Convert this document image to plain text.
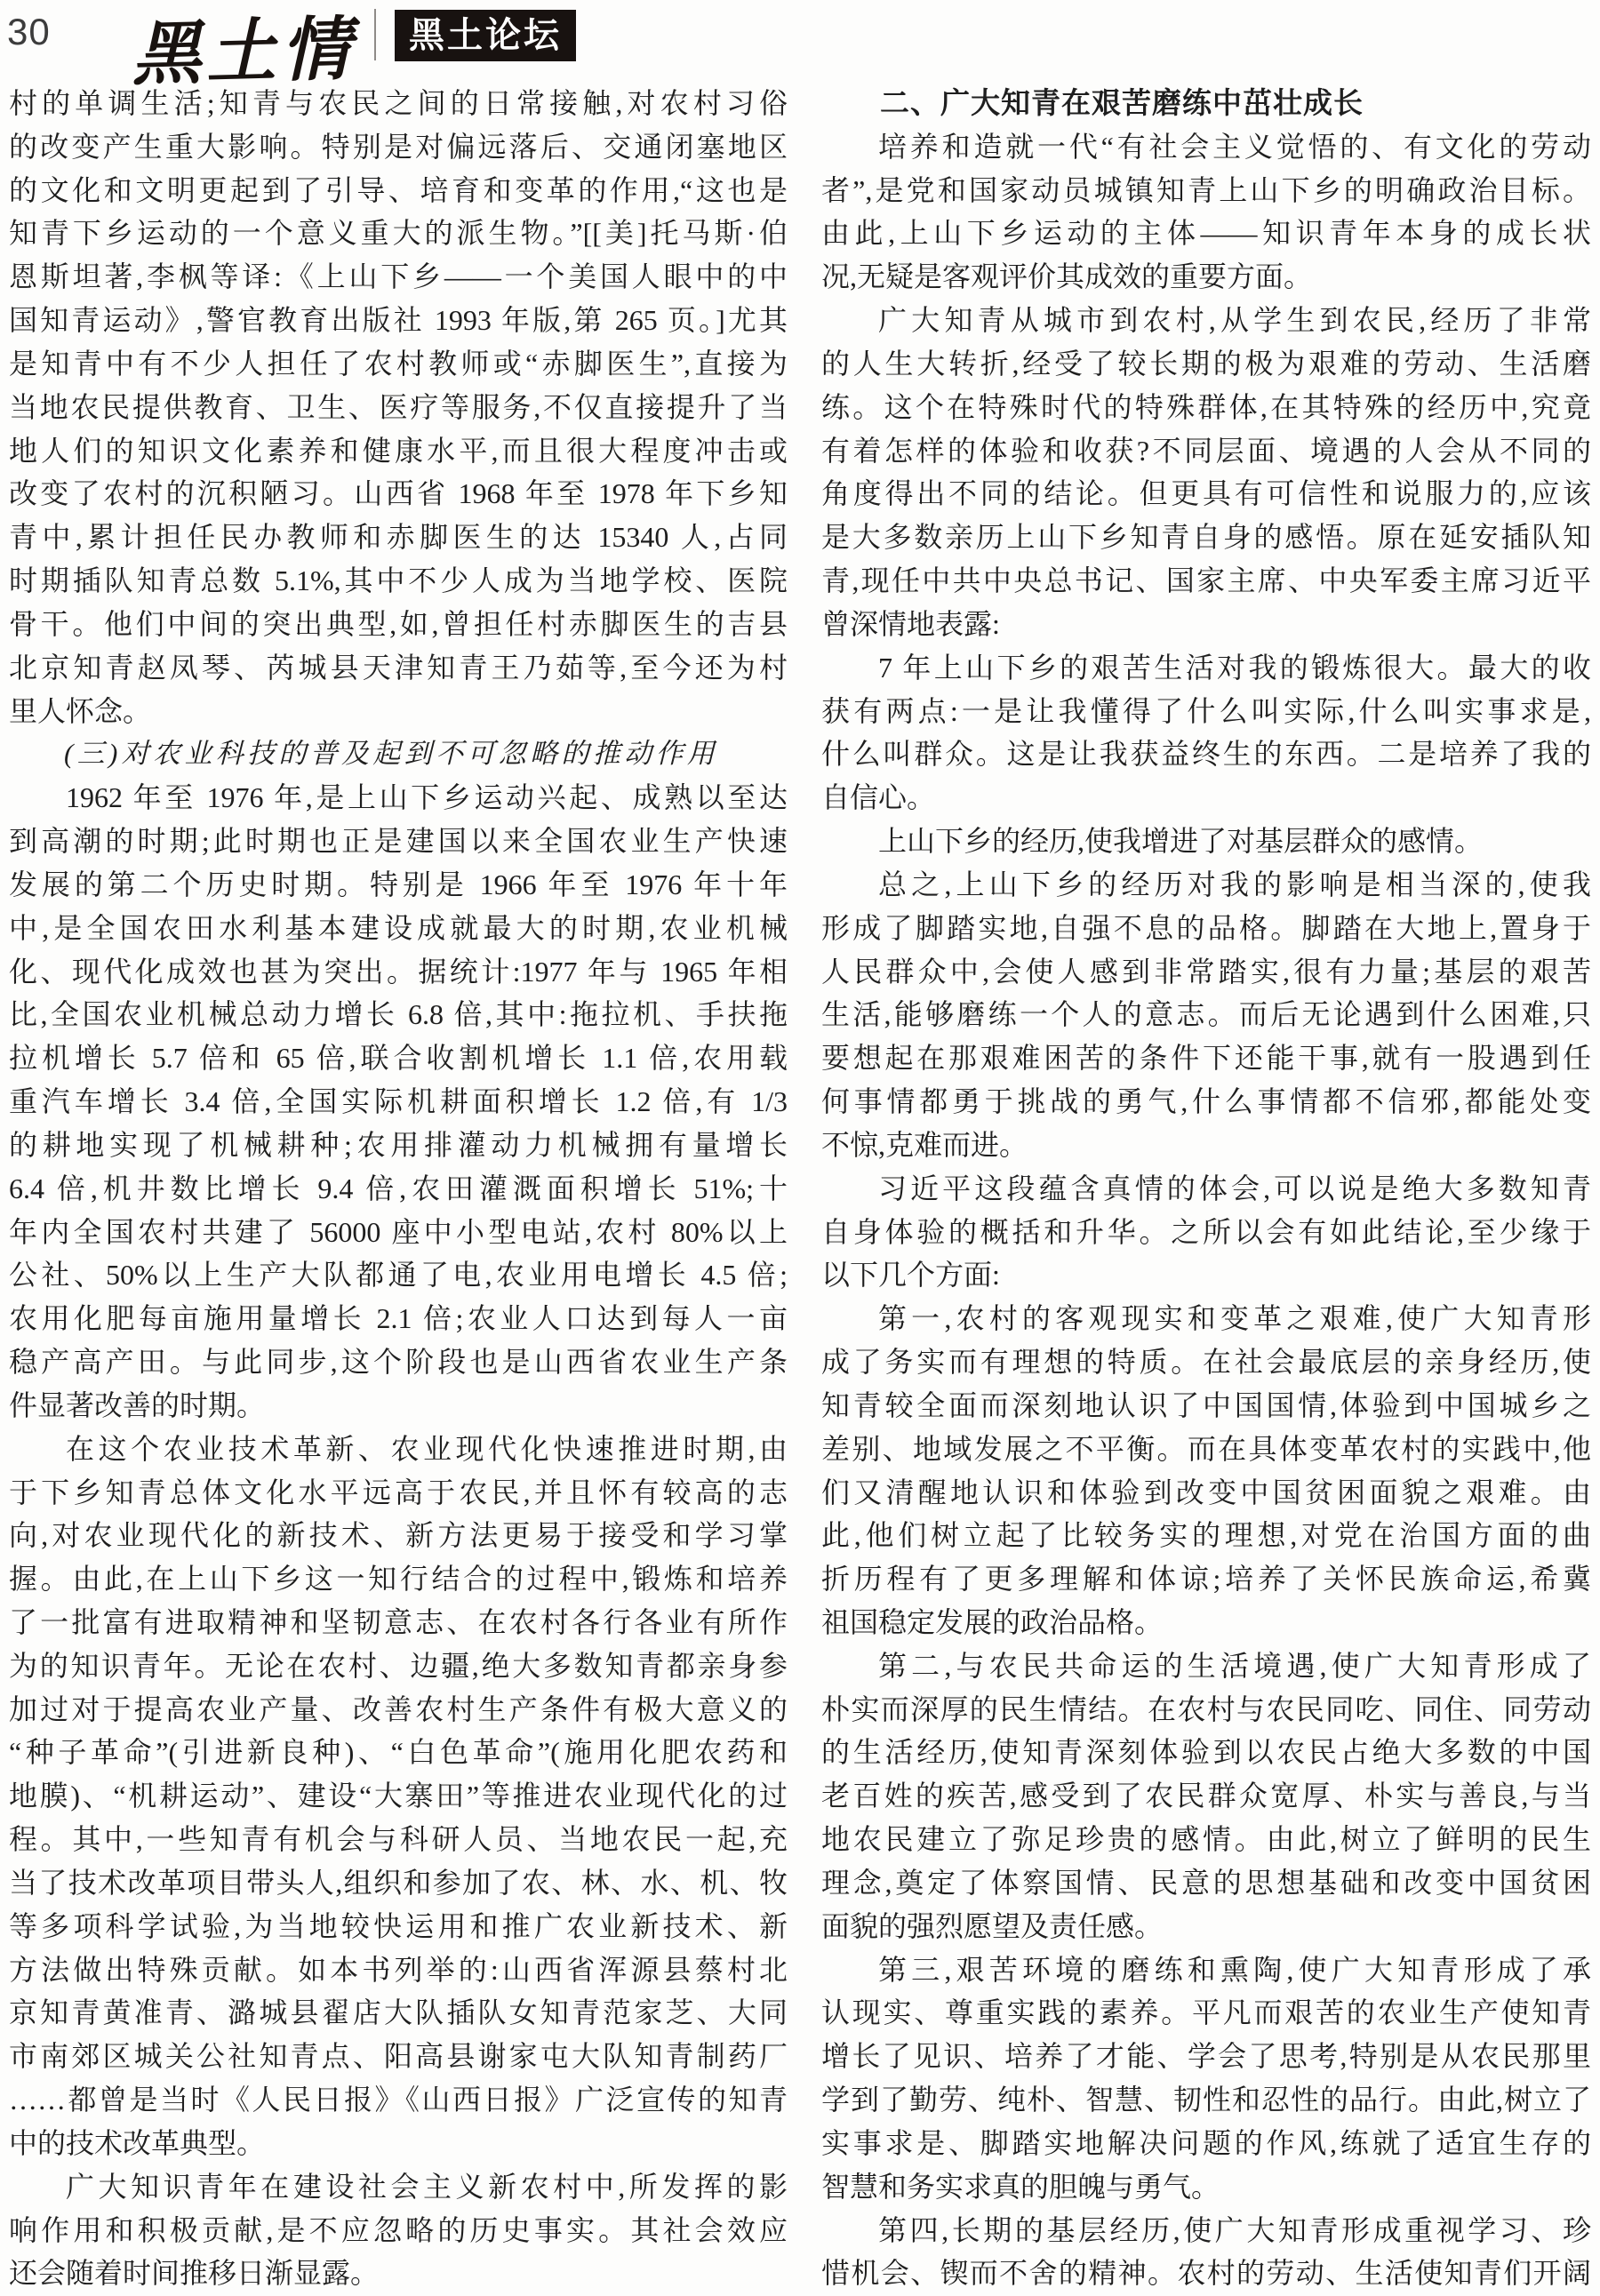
30 黑土情	黑土论坛
村的单调生活;知青与农民之间的日常接触,对农村习俗
的改变产生重大影响。特别是对偏远落后、交通闭塞地区
的文化和文明更起到了引导、培育和变革的作用,“这也是
知青下乡运动的一个意义重大的派生物。”[[美]托马斯·伯
恩斯坦著,李枫等译:《上山下乡——一个美国人眼中的中
国知青运动》,警官教育出版社 1993 年版,第 265 页。]尤其
是知青中有不少人担任了农村教师或“赤脚医生”,直接为
当地农民提供教育、卫生、医疗等服务,不仅直接提升了当
地人们的知识文化素养和健康水平,而且很大程度冲击或
改变了农村的沉积陋习。山西省 1968 年至 1978 年下乡知
青中,累计担任民办教师和赤脚医生的达 15340 人,占同
时期插队知青总数 5.1%,其中不少人成为当地学校、医院
骨干。他们中间的突出典型,如,曾担任村赤脚医生的吉县
北京知青赵凤琴、芮城县天津知青王乃茹等,至今还为村
里人怀念。
(三)对农业科技的普及起到不可忽略的推动作用
1962 年至 1976 年,是上山下乡运动兴起、成熟以至达
到高潮的时期;此时期也正是建国以来全国农业生产快速
发展的第二个历史时期。特别是 1966 年至 1976 年十年
中,是全国农田水利基本建设成就最大的时期,农业机械
化、现代化成效也甚为突出。据统计:1977 年与 1965 年相
比,全国农业机械总动力增长 6.8 倍,其中:拖拉机、手扶拖
拉机增长 5.7 倍和 65 倍,联合收割机增长 1.1 倍,农用载
重汽车增长 3.4 倍,全国实际机耕面积增长 1.2 倍,有 1/3
的耕地实现了机械耕种;农用排灌动力机械拥有量增长
6.4 倍,机井数比增长 9.4 倍,农田灌溉面积增长 51%;十
年内全国农村共建了 56000 座中小型电站,农村 80%以上
公社、50%以上生产大队都通了电,农业用电增长 4.5 倍;
农用化肥每亩施用量增长 2.1 倍;农业人口达到每人一亩
稳产高产田。与此同步,这个阶段也是山西省农业生产条
件显著改善的时期。
在这个农业技术革新、农业现代化快速推进时期,由
于下乡知青总体文化水平远高于农民,并且怀有较高的志
向,对农业现代化的新技术、新方法更易于接受和学习掌
握。由此,在上山下乡这一知行结合的过程中,锻炼和培养
了一批富有进取精神和坚韧意志、在农村各行各业有所作
为的知识青年。无论在农村、边疆,绝大多数知青都亲身参
加过对于提高农业产量、改善农村生产条件有极大意义的
“种子革命”(引进新良种)、“白色革命”(施用化肥农药和
地膜)、“机耕运动”、建设“大寨田”等推进农业现代化的过
程。其中,一些知青有机会与科研人员、当地农民一起,充
当了技术改革项目带头人,组织和参加了农、林、水、机、牧
等多项科学试验,为当地较快运用和推广农业新技术、新
方法做出特殊贡献。如本书列举的:山西省浑源县蔡村北
京知青黄准青、潞城县翟店大队插队女知青范家芝、大同
市南郊区城关公社知青点、阳高县谢家屯大队知青制药厂
……都曾是当时《人民日报》《山西日报》广泛宣传的知青
中的技术改革典型。
广大知识青年在建设社会主义新农村中,所发挥的影
响作用和积极贡献,是不应忽略的历史事实。其社会效应
还会随着时间推移日渐显露。
二、广大知青在艰苦磨练中茁壮成长
培养和造就一代“有社会主义觉悟的、有文化的劳动
者”,是党和国家动员城镇知青上山下乡的明确政治目标。
由此,上山下乡运动的主体——知识青年本身的成长状
况,无疑是客观评价其成效的重要方面。
广大知青从城市到农村,从学生到农民,经历了非常
的人生大转折,经受了较长期的极为艰难的劳动、生活磨
练。这个在特殊时代的特殊群体,在其特殊的经历中,究竟
有着怎样的体验和收获?不同层面、境遇的人会从不同的
角度得出不同的结论。但更具有可信性和说服力的,应该
是大多数亲历上山下乡知青自身的感悟。原在延安插队知
青,现任中共中央总书记、国家主席、中央军委主席习近平
曾深情地表露:
7 年上山下乡的艰苦生活对我的锻炼很大。最大的收
获有两点:一是让我懂得了什么叫实际,什么叫实事求是,
什么叫群众。这是让我获益终生的东西。二是培养了我的
自信心。
上山下乡的经历,使我增进了对基层群众的感情。
总之,上山下乡的经历对我的影响是相当深的,使我
形成了脚踏实地,自强不息的品格。脚踏在大地上,置身于
人民群众中,会使人感到非常踏实,很有力量;基层的艰苦
生活,能够磨练一个人的意志。而后无论遇到什么困难,只
要想起在那艰难困苦的条件下还能干事,就有一股遇到任
何事情都勇于挑战的勇气,什么事情都不信邪,都能处变
不惊,克难而进。
习近平这段蕴含真情的体会,可以说是绝大多数知青
自身体验的概括和升华。之所以会有如此结论,至少缘于
以下几个方面:
第一,农村的客观现实和变革之艰难,使广大知青形
成了务实而有理想的特质。在社会最底层的亲身经历,使
知青较全面而深刻地认识了中国国情,体验到中国城乡之
差别、地域发展之不平衡。而在具体变革农村的实践中,他
们又清醒地认识和体验到改变中国贫困面貌之艰难。由
此,他们树立起了比较务实的理想,对党在治国方面的曲
折历程有了更多理解和体谅;培养了关怀民族命运,希冀
祖国稳定发展的政治品格。
第二,与农民共命运的生活境遇,使广大知青形成了
朴实而深厚的民生情结。在农村与农民同吃、同住、同劳动
的生活经历,使知青深刻体验到以农民占绝大多数的中国
老百姓的疾苦,感受到了农民群众宽厚、朴实与善良,与当
地农民建立了弥足珍贵的感情。由此,树立了鲜明的民生
理念,奠定了体察国情、民意的思想基础和改变中国贫困
面貌的强烈愿望及责任感。
第三,艰苦环境的磨练和熏陶,使广大知青形成了承
认现实、尊重实践的素养。平凡而艰苦的农业生产使知青
增长了见识、培养了才能、学会了思考,特别是从农民那里
学到了勤劳、纯朴、智慧、韧性和忍性的品行。由此,树立了
实事求是、脚踏实地解决问题的作风,练就了适宜生存的
智慧和务实求真的胆魄与勇气。
第四,长期的基层经历,使广大知青形成重视学习、珍
惜机会、锲而不舍的精神。农村的劳动、生活使知青们开阔
